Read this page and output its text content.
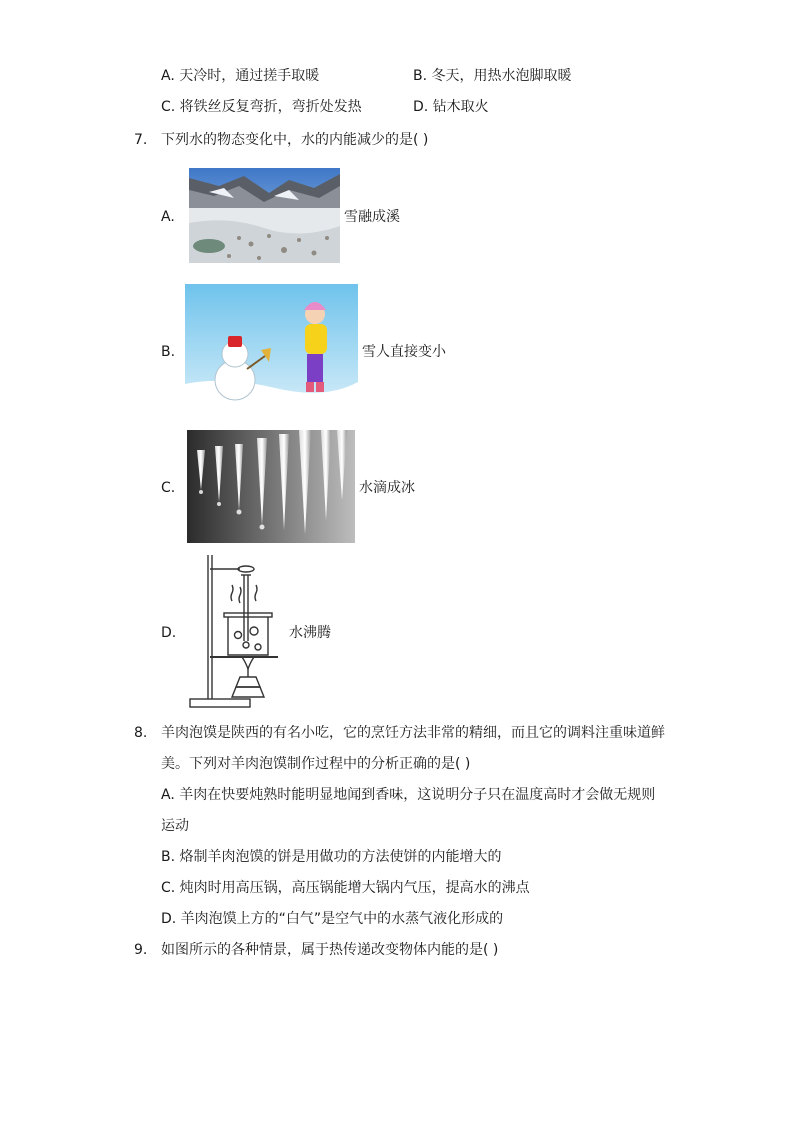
A. 天冷时，通过搓手取暖	B. 冬天，用热水泡脚取暖
C. 将铁丝反复弯折，弯折处发热	D. 钻木取火
7. 下列水的物态变化中，水的内能减少的是( )
A.	雪融成溪
B.	雪人直接变小
C.	水滴成冰
D.	水沸腾
8. 羊肉泡馍是陕西的有名小吃，它的烹饪方法非常的精细，而且它的调料注重味道鲜
美。下列对羊肉泡馍制作过程中的分析正确的是( )
A. 羊肉在快要炖熟时能明显地闻到香味，这说明分子只在温度高时才会做无规则
运动
B. 烙制羊肉泡馍的饼是用做功的方法使饼的内能增大的
C. 炖肉时用高压锅，高压锅能增大锅内气压，提高水的沸点
D. 羊肉泡馍上方的“白气”是空气中的水蒸气液化形成的
9. 如图所示的各种情景，属于热传递改变物体内能的是( )
